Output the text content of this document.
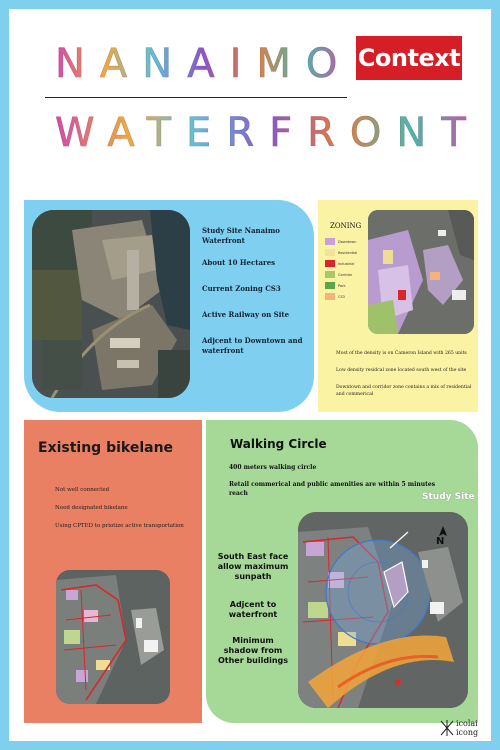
NANAIMO
WATERFRONT
Context
Study Site Nanaimo Waterfront
About 10 Hectares
Current Zoning CS3
Active Railway on Site
Adjcent to Downtown and waterfront
ZONING
Downtown
Residential
Industrial
Corridor
Park
CS3
Most of the density is on Cameron Island with 265 units
Low density residcal zone located south west of the site
Downtown and corridor zone contains a mix of residential and commerical
Existing bikelane
Not well connected
Need designated bikelane
Using CPTED to priotize active transportation
Walking Circle
400 meters walking circle
Retail commerical and public amenities are within 5 minutes reach
South East face allow maximum sunpath
Adjcent to waterfront
Minimum shadow from Other buildings
Study Site
N
icolai
icong
